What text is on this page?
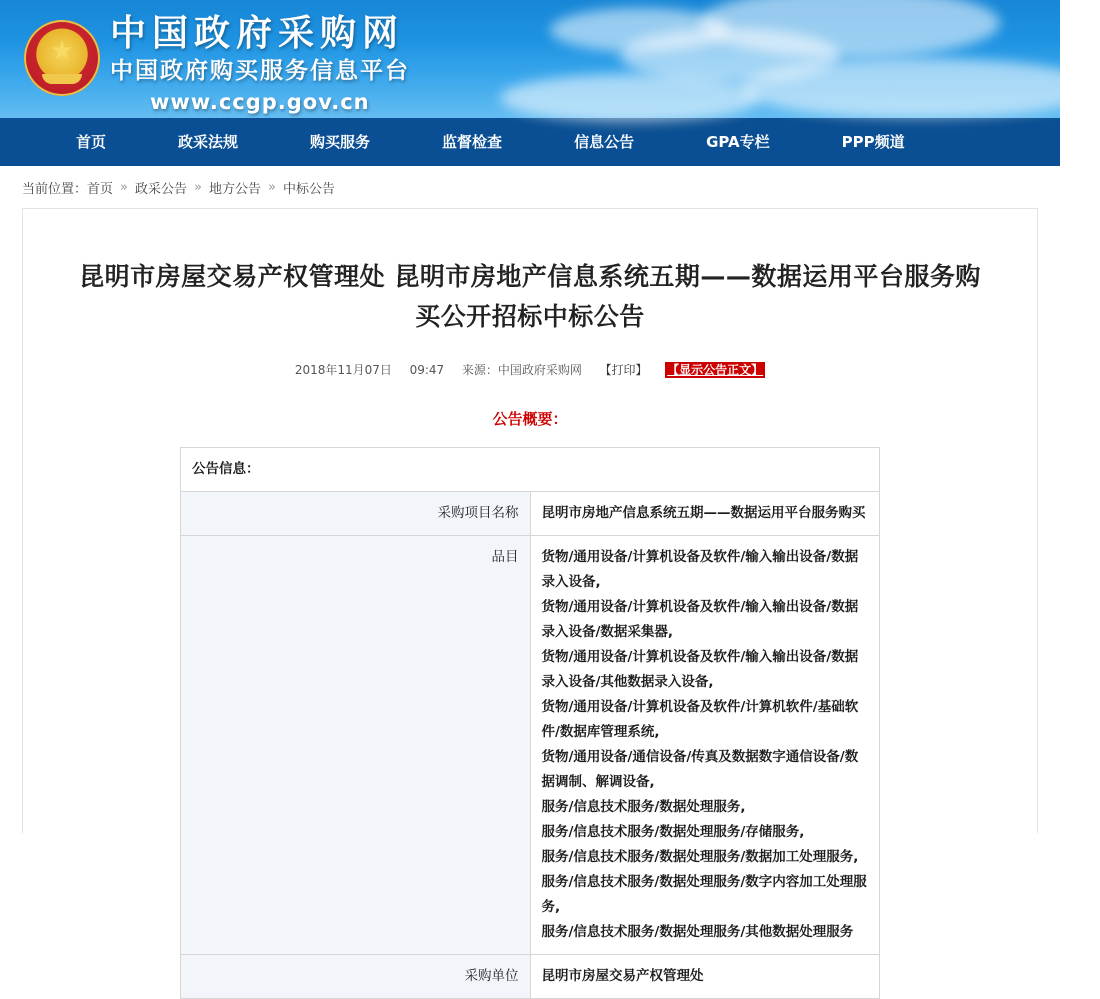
★ 中国政府采购网
中国政府购买服务信息平台
www.ccgp.gov.cn
首页	政采法规	购买服务	监督检查	信息公告	GPA专栏	PPP频道
当前位置： 首页 » 政采公告 » 地方公告 » 中标公告
昆明市房屋交易产权管理处 昆明市房地产信息系统五期——数据运用平台服务购买公开招标中标公告
2018年11月07日 09:47 来源：中国政府采购网 【打印】 【显示公告正文】
公告概要：
公告信息：	
采购项目名称	昆明市房地产信息系统五期——数据运用平台服务购买
品目	货物/通用设备/计算机设备及软件/输入输出设备/数据录入设备,
货物/通用设备/计算机设备及软件/输入输出设备/数据录入设备/数据采集器,
货物/通用设备/计算机设备及软件/输入输出设备/数据录入设备/其他数据录入设备,
货物/通用设备/计算机设备及软件/计算机软件/基础软件/数据库管理系统,
货物/通用设备/通信设备/传真及数据数字通信设备/数据调制、解调设备,
服务/信息技术服务/数据处理服务,
服务/信息技术服务/数据处理服务/存储服务,
服务/信息技术服务/数据处理服务/数据加工处理服务,
服务/信息技术服务/数据处理服务/数字内容加工处理服务,
服务/信息技术服务/数据处理服务/其他数据处理服务

采购单位	昆明市房屋交易产权管理处
